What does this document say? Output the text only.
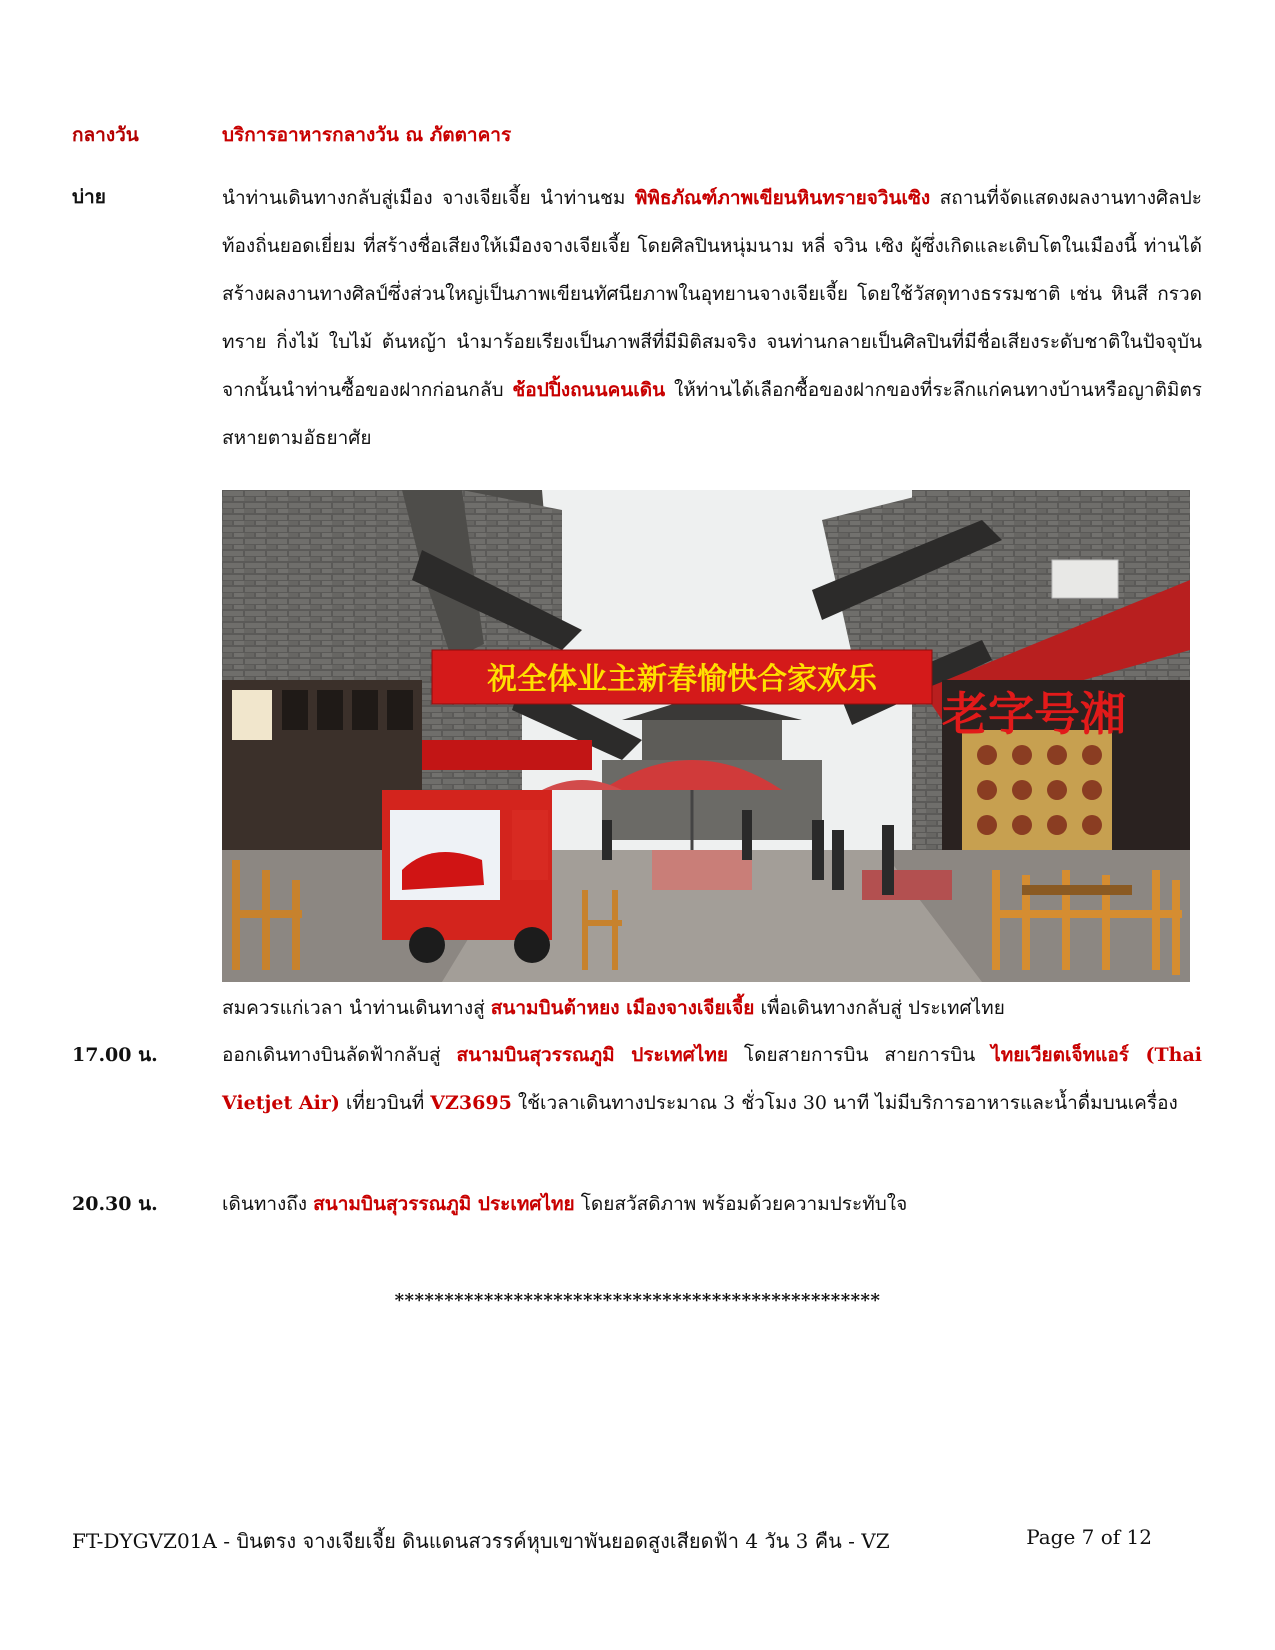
กลางวัน	บริการอาหารกลางวัน ณ ภัตตาคาร
บ่าย	นำท่านเดินทางกลับสู่เมือง จางเจียเจี้ย นำท่านชม พิพิธภัณฑ์ภาพเขียนหินทรายจวินเซิง สถานที่จัดแสดงผลงานทางศิลปะท้องถิ่นยอดเยี่ยม ที่สร้างชื่อเสียงให้เมืองจางเจียเจี้ย โดยศิลปินหนุ่มนาม หลี่ จวิน เซิง ผู้ซึ่งเกิดและเติบโตในเมืองนี้ ท่านได้สร้างผลงานทางศิลป์ซึ่งส่วนใหญ่เป็นภาพเขียนทัศนียภาพในอุทยานจางเจียเจี้ย โดยใช้วัสดุทางธรรมชาติ เช่น หินสี กรวด ทราย กิ่งไม้ ใบไม้ ต้นหญ้า นำมาร้อยเรียงเป็นภาพสีที่มีมิติสมจริง จนท่านกลายเป็นศิลปินที่มีชื่อเสียงระดับชาติในปัจจุบัน จากนั้นนำท่านซื้อของฝากก่อนกลับ ช้อปปิ้งถนนคนเดิน ให้ท่านได้เลือกซื้อของฝากของที่ระลึกแก่คนทางบ้านหรือญาติมิตรสหายตามอัธยาศัย
老字号湘
祝全体业主新春愉快合家欢乐
สมควรแก่เวลา นำท่านเดินทางสู่ สนามบินต้าหยง เมืองจางเจียเจี้ย เพื่อเดินทางกลับสู่ ประเทศไทย
17.00 น.	ออกเดินทางบินลัดฟ้ากลับสู่ สนามบินสุวรรณภูมิ ประเทศไทย โดยสายการบิน สายการบิน ไทยเวียตเจ็ทแอร์ (Thai Vietjet Air) เที่ยวบินที่ VZ3695 ใช้เวลาเดินทางประมาณ 3 ชั่วโมง 30 นาที ไม่มีบริการอาหารและน้ำดื่มบนเครื่อง
20.30 น.	เดินทางถึง สนามบินสุวรรณภูมิ ประเทศไทย โดยสวัสดิภาพ พร้อมด้วยความประทับใจ
*************************************************
FT-DYGVZ01A - บินตรง จางเจียเจี้ย ดินแดนสวรรค์หุบเขาพันยอดสูงเสียดฟ้า 4 วัน 3 คืน - VZ	Page 7 of 12
